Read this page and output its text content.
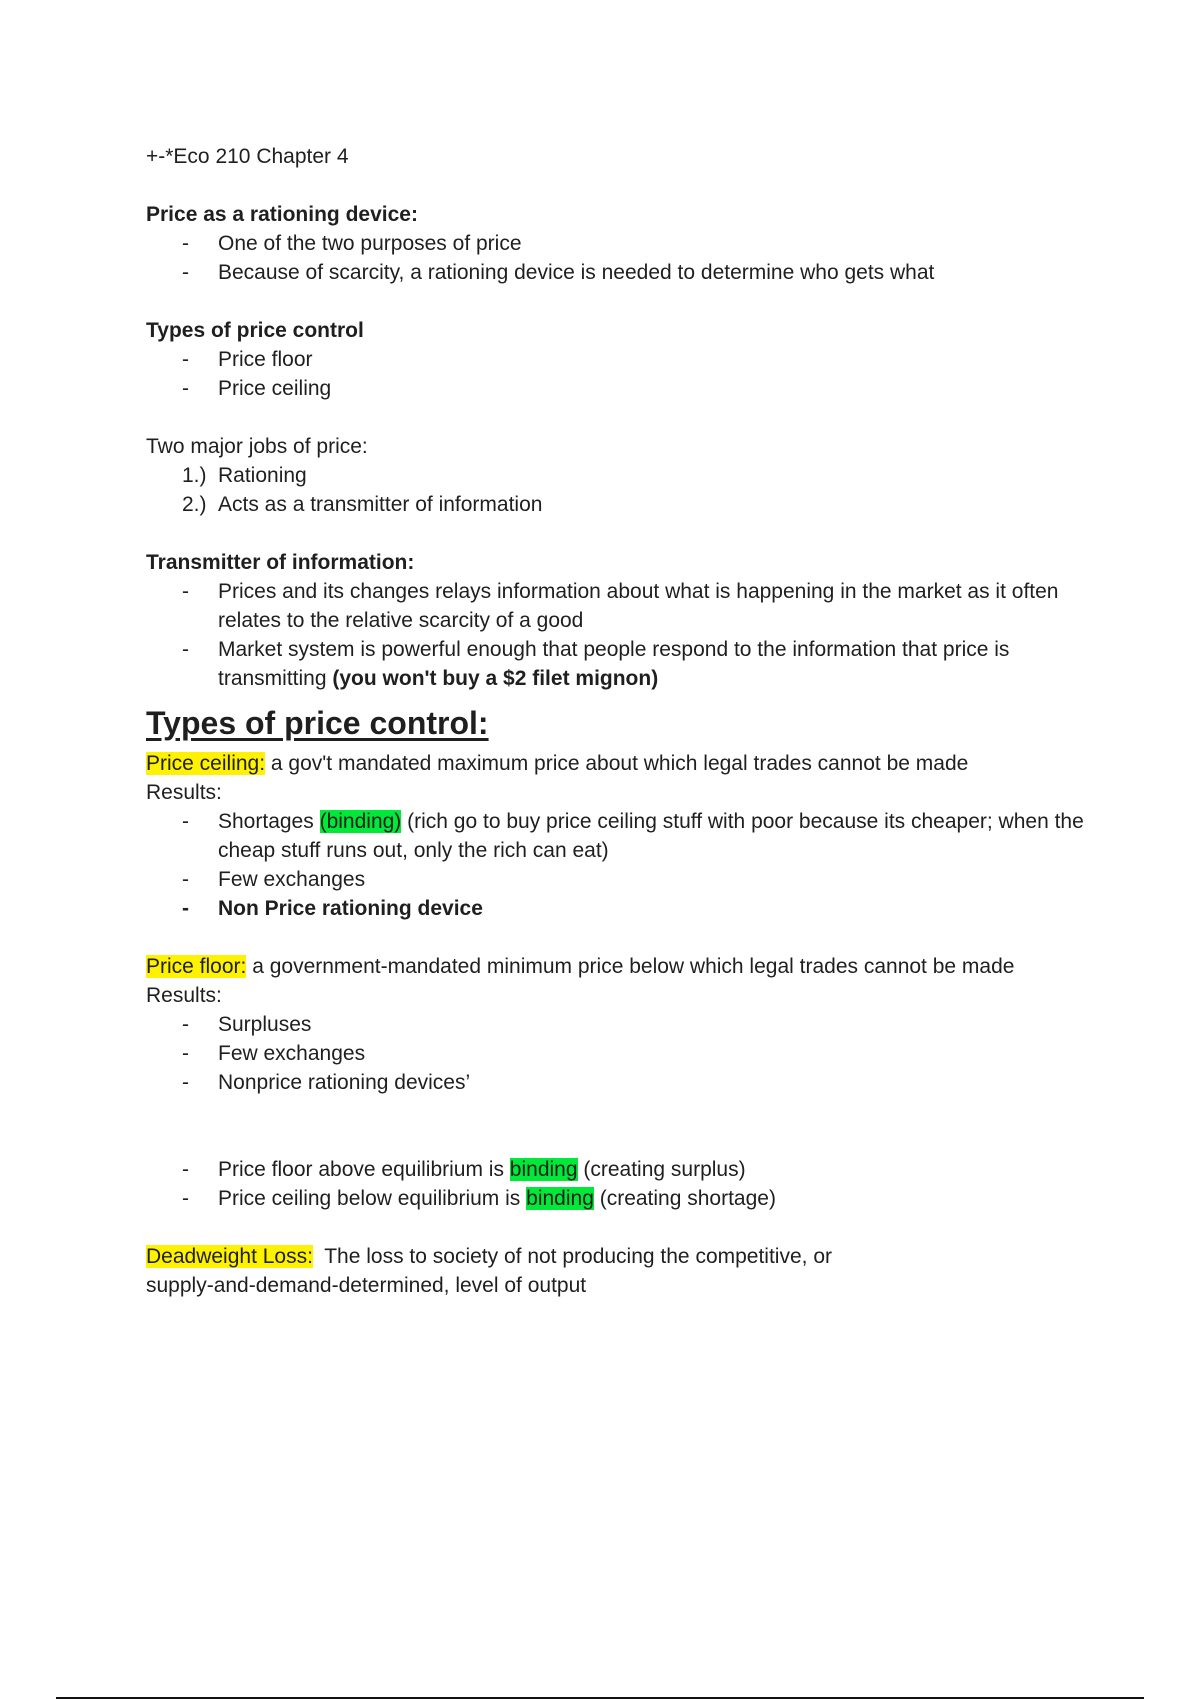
+-*Eco 210 Chapter 4
Price as a rationing device:
- One of the two purposes of price
- Because of scarcity, a rationing device is needed to determine who gets what
Types of price control
- Price floor
- Price ceiling
Two major jobs of price:
1.) Rationing
2.) Acts as a transmitter of information
Transmitter of information:
- Prices and its changes relays information about what is happening in the market as it often relates to the relative scarcity of a good
- Market system is powerful enough that people respond to the information that price is transmitting (you won't buy a $2 filet mignon)
Types of price control:
Price ceiling: a gov't mandated maximum price about which legal trades cannot be made
Results:
- Shortages (binding) (rich go to buy price ceiling stuff with poor because its cheaper; when the cheap stuff runs out, only the rich can eat)
- Few exchanges
- Non Price rationing device
Price floor: a government-mandated minimum price below which legal trades cannot be made
Results:
- Surpluses
- Few exchanges
- Nonprice rationing devices’
- Price floor above equilibrium is binding (creating surplus)
- Price ceiling below equilibrium is binding (creating shortage)
Deadweight Loss:  The loss to society of not producing the competitive, or
supply-and-demand-determined, level of output
